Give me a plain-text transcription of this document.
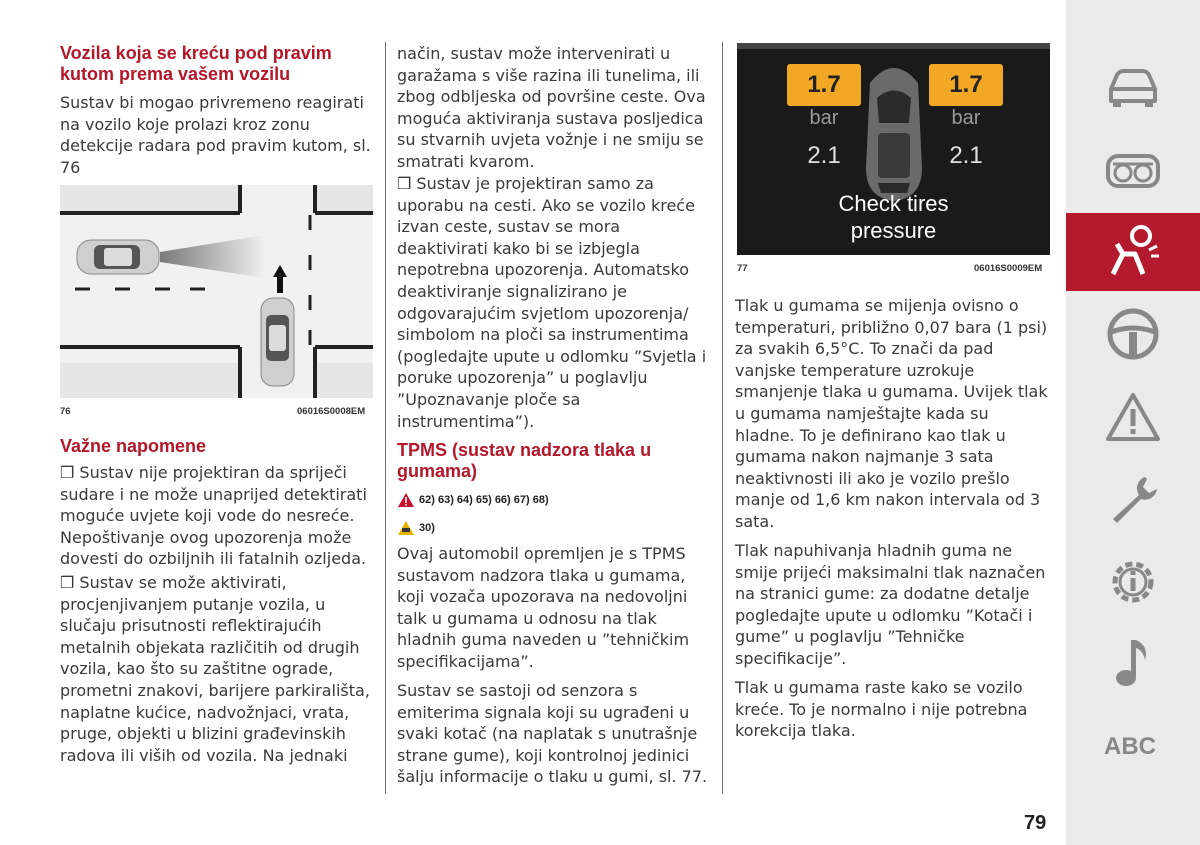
Vozila koja se kreću pod pravim kutom prema vašem vozilu

Sustav bi mogao privremeno reagirati na vozilo koje prolazi kroz zonu detekcije radara pod pravim kutom, sl. 76

76	06016S0008EM

Važne napomene

❒ Sustav nije projektiran da spriječi sudare i ne može unaprijed detektirati moguće uvjete koji vode do nesreće. Nepoštivanje ovog upozorenja može dovesti do ozbiljnih ili fatalnih ozljeda.

❒ Sustav se može aktivirati, procjenjivanjem putanje vozila, u slučaju prisutnosti reflektirajućih metalnih objekata različitih od drugih vozila, kao što su zaštitne ograde, prometni znakovi, barijere parkirališta, naplatne kućice, nadvožnjaci, vrata, pruge, objekti u blizini građevinskih radova ili viših od vozila. Na jednaki

način, sustav može intervenirati u garažama s više razina ili tunelima, ili zbog odbljeska od površine ceste. Ova moguća aktiviranja sustava posljedica su stvarnih uvjeta vožnje i ne smiju se smatrati kvarom.

❒ Sustav je projektiran samo za uporabu na cesti. Ako se vozilo kreće izvan ceste, sustav se mora deaktivirati kako bi se izbjegla nepotrebna upozorenja. Automatsko deaktiviranje signalizirano je odgovarajućim svjetlom upozorenja/ simbolom na ploči sa instrumentima (pogledajte upute u odlomku ”Svjetla i poruke upozorenja” u poglavlju ”Upoznavanje ploče sa instrumentima”).

TPMS (sustav nadzora tlaka u gumama)

62) 63) 64) 65) 66) 67) 68)
30)

Ovaj automobil opremljen je s TPMS sustavom nadzora tlaka u gumama, koji vozača upozorava na nedovoljni talk u gumama u odnosu na tlak hladnih guma naveden u ”tehničkim specifikacijama”.

Sustav se sastoji od senzora s emiterima signala koji su ugrađeni u svaki kotač (na naplatak s unutrašnje strane gume), koji kontrolnoj jedinici šalju informacije o tlaku u gumi, sl. 77.

1.7	1.7
bar	bar
2.1	2.1
Check tires
pressure
77	06016S0009EM

Tlak u gumama se mijenja ovisno o temperaturi, približno 0,07 bara (1 psi) za svakih 6,5°C. To znači da pad vanjske temperature uzrokuje smanjenje tlaka u gumama. Uvijek tlak u gumama namještajte kada su hladne. To je definirano kao tlak u gumama nakon najmanje 3 sata neaktivnosti ili ako je vozilo prešlo manje od 1,6 km nakon intervala od 3 sata.

Tlak napuhivanja hladnih guma ne smije prijeći maksimalni tlak naznačen na stranici gume: za dodatne detalje pogledajte upute u odlomku ”Kotači i gume” u poglavlju ”Tehničke specifikacije”.

Tlak u gumama raste kako se vozilo kreće. To je normalno i nije potrebna korekcija tlaka.

ABC
79
